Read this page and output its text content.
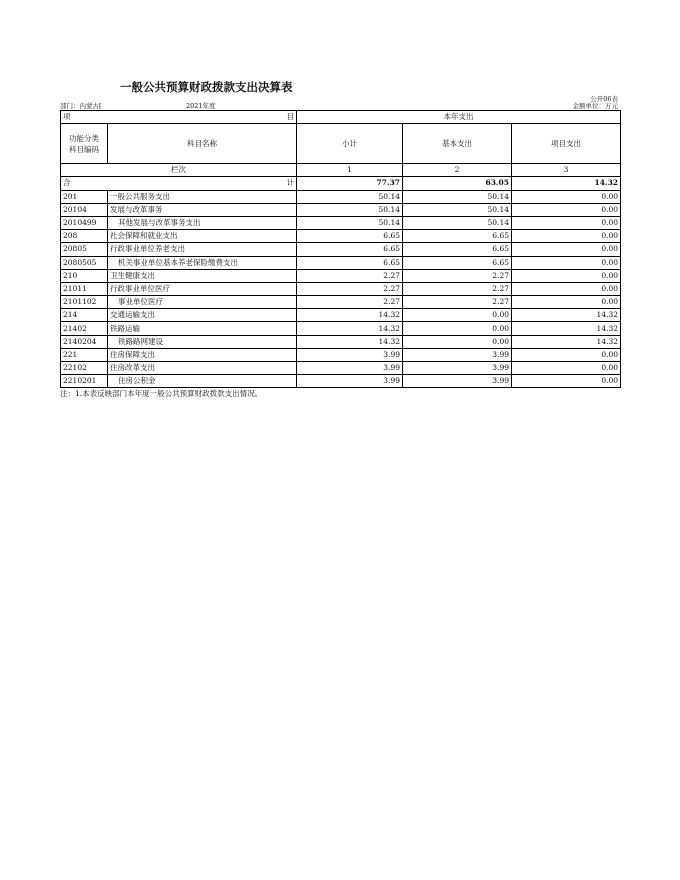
一般公共预算财政拨款支出决算表
公开06表
部门：内蒙古[	2021年度	金额单位：万元
项 目		本年支出		
功能分类科目编码	科目名称	小计	基本支出	项目支出
栏次		1	2	3
合 计		77.37	63.05	14.32
201	一般公共服务支出	50.14	50.14	0.00
20104	发展与改革事务	50.14	50.14	0.00
2010499	其他发展与改革事务支出	50.14	50.14	0.00
208	社会保障和就业支出	6.65	6.65	0.00
20805	行政事业单位养老支出	6.65	6.65	0.00
2080505	机关事业单位基本养老保险缴费支出	6.65	6.65	0.00
210	卫生健康支出	2.27	2.27	0.00
21011	行政事业单位医疗	2.27	2.27	0.00
2101102	事业单位医疗	2.27	2.27	0.00
214	交通运输支出	14.32	0.00	14.32
21402	铁路运输	14.32	0.00	14.32
2140204	铁路路网建设	14.32	0.00	14.32
221	住房保障支出	3.99	3.99	0.00
22102	住房改革支出	3.99	3.99	0.00
2210201	住房公积金	3.99	3.99	0.00
注：1.本表反映部门本年度一般公共预算财政拨款支出情况。
